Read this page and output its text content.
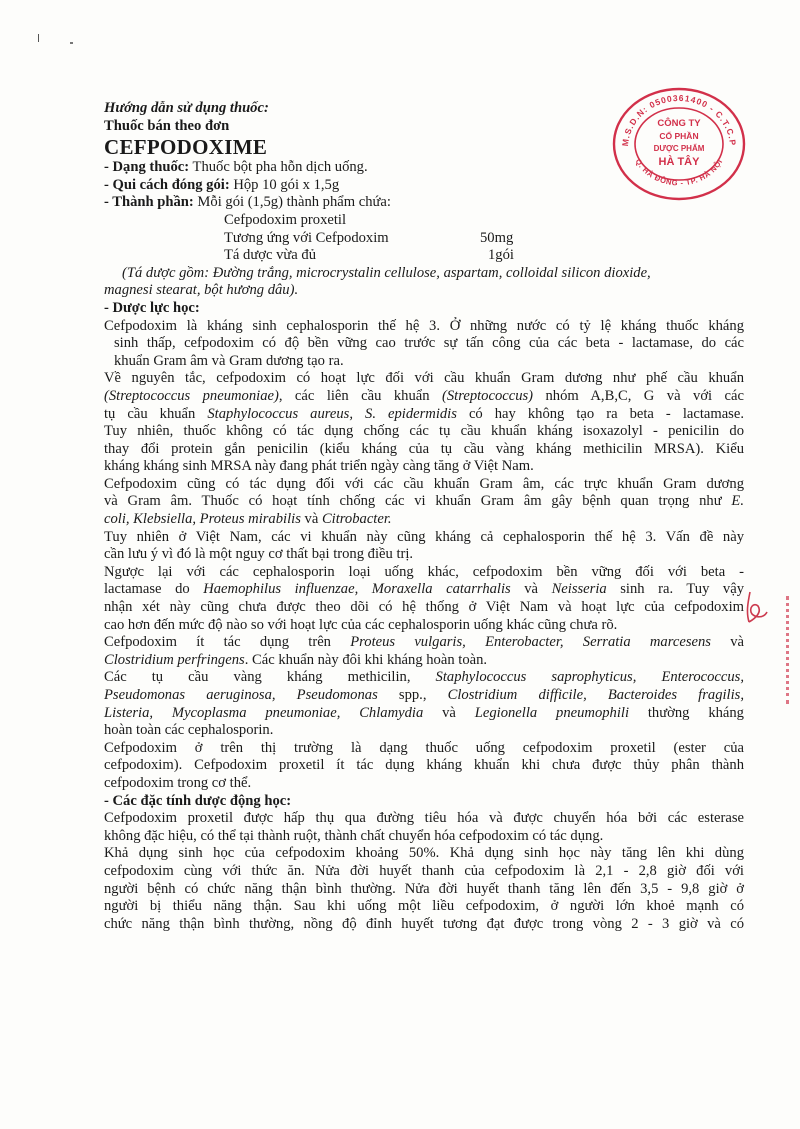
M.S.D.N: 0500361400 - C.T.C.P
Q. HÀ ĐÔNG - TP. HÀ NỘI
CÔNG TY
CỔ PHẦN
DƯỢC PHẨM
HÀ TÂY
Hướng dẫn sử dụng thuốc:
Thuốc bán theo đơn
CEFPODOXIME
- Dạng thuốc: Thuốc bột pha hỗn dịch uống.
- Qui cách đóng gói: Hộp 10 gói x 1,5g
- Thành phần: Mỗi gói (1,5g) thành phẩm chứa:
Cefpodoxim proxetil
Tương ứng với Cefpodoxim	50mg
Tá dược vừa đủ	1gói
(Tá dược gồm: Đường trắng, microcrystalin cellulose, aspartam, colloidal silicon dioxide,
magnesi stearat, bột hương dâu).
- Dược lực học:
Cefpodoxim là kháng sinh cephalosporin thế hệ 3. Ở những nước có tỷ lệ kháng thuốc kháng
sinh thấp, cefpodoxim có độ bền vững cao trước sự tấn công của các beta - lactamase, do các
khuẩn Gram âm và Gram dương tạo ra.
Về nguyên tắc, cefpodoxim có hoạt lực đối với cầu khuẩn Gram dương như phế cầu khuẩn
(Streptococcus pneumoniae), các liên cầu khuẩn (Streptococcus) nhóm A,B,C, G và với các
tụ cầu khuẩn Staphylococcus aureus, S. epidermidis có hay không tạo ra beta - lactamase.
Tuy nhiên, thuốc không có tác dụng chống các tụ cầu khuẩn kháng isoxazolyl - penicilin do
thay đổi protein gắn penicilin (kiểu kháng của tụ cầu vàng kháng methicilin MRSA). Kiểu
kháng kháng sinh MRSA này đang phát triển ngày càng tăng ở Việt Nam.
Cefpodoxim cũng có tác dụng đối với các cầu khuẩn Gram âm, các trực khuẩn Gram dương
và Gram âm. Thuốc có hoạt tính chống các vi khuẩn Gram âm gây bệnh quan trọng như E.
coli, Klebsiella, Proteus mirabilis và Citrobacter.
Tuy nhiên ở Việt Nam, các vi khuẩn này cũng kháng cả cephalosporin thế hệ 3. Vấn đề này
cần lưu ý vì đó là một nguy cơ thất bại trong điều trị.
Ngược lại với các cephalosporin loại uống khác, cefpodoxim bền vững đối với beta -
lactamase do Haemophilus influenzae, Moraxella catarrhalis và Neisseria sinh ra. Tuy vậy
nhận xét này cũng chưa được theo dõi có hệ thống ở Việt Nam và hoạt lực của cefpodoxim
cao hơn đến mức độ nào so với hoạt lực của các cephalosporin uống khác cũng chưa rõ.
Cefpodoxim ít tác dụng trên Proteus vulgaris, Enterobacter, Serratia marcesens và
Clostridium perfringens. Các khuẩn này đôi khi kháng hoàn toàn.
Các tụ cầu vàng kháng methicilin, Staphylococcus saprophyticus, Enterococcus,
Pseudomonas aeruginosa, Pseudomonas spp., Clostridium difficile, Bacteroides fragilis,
Listeria, Mycoplasma pneumoniae, Chlamydia và Legionella pneumophili thường kháng
hoàn toàn các cephalosporin.
Cefpodoxim ở trên thị trường là dạng thuốc uống cefpodoxim proxetil (ester của
cefpodoxim). Cefpodoxim proxetil ít tác dụng kháng khuẩn khi chưa được thủy phân thành
cefpodoxim trong cơ thể.
- Các đặc tính dược động học:
Cefpodoxim proxetil được hấp thụ qua đường tiêu hóa và được chuyển hóa bởi các esterase
không đặc hiệu, có thể tại thành ruột, thành chất chuyển hóa cefpodoxim có tác dụng.
Khả dụng sinh học của cefpodoxim khoảng 50%. Khả dụng sinh học này tăng lên khi dùng
cefpodoxim cùng với thức ăn. Nửa đời huyết thanh của cefpodoxim là 2,1 - 2,8 giờ đối với
người bệnh có chức năng thận bình thường. Nửa đời huyết thanh tăng lên đến 3,5 - 9,8 giờ ở
người bị thiểu năng thận. Sau khi uống một liều cefpodoxim, ở người lớn khoẻ mạnh có
chức năng thận bình thường, nồng độ đỉnh huyết tương đạt được trong vòng 2 - 3 giờ và có
